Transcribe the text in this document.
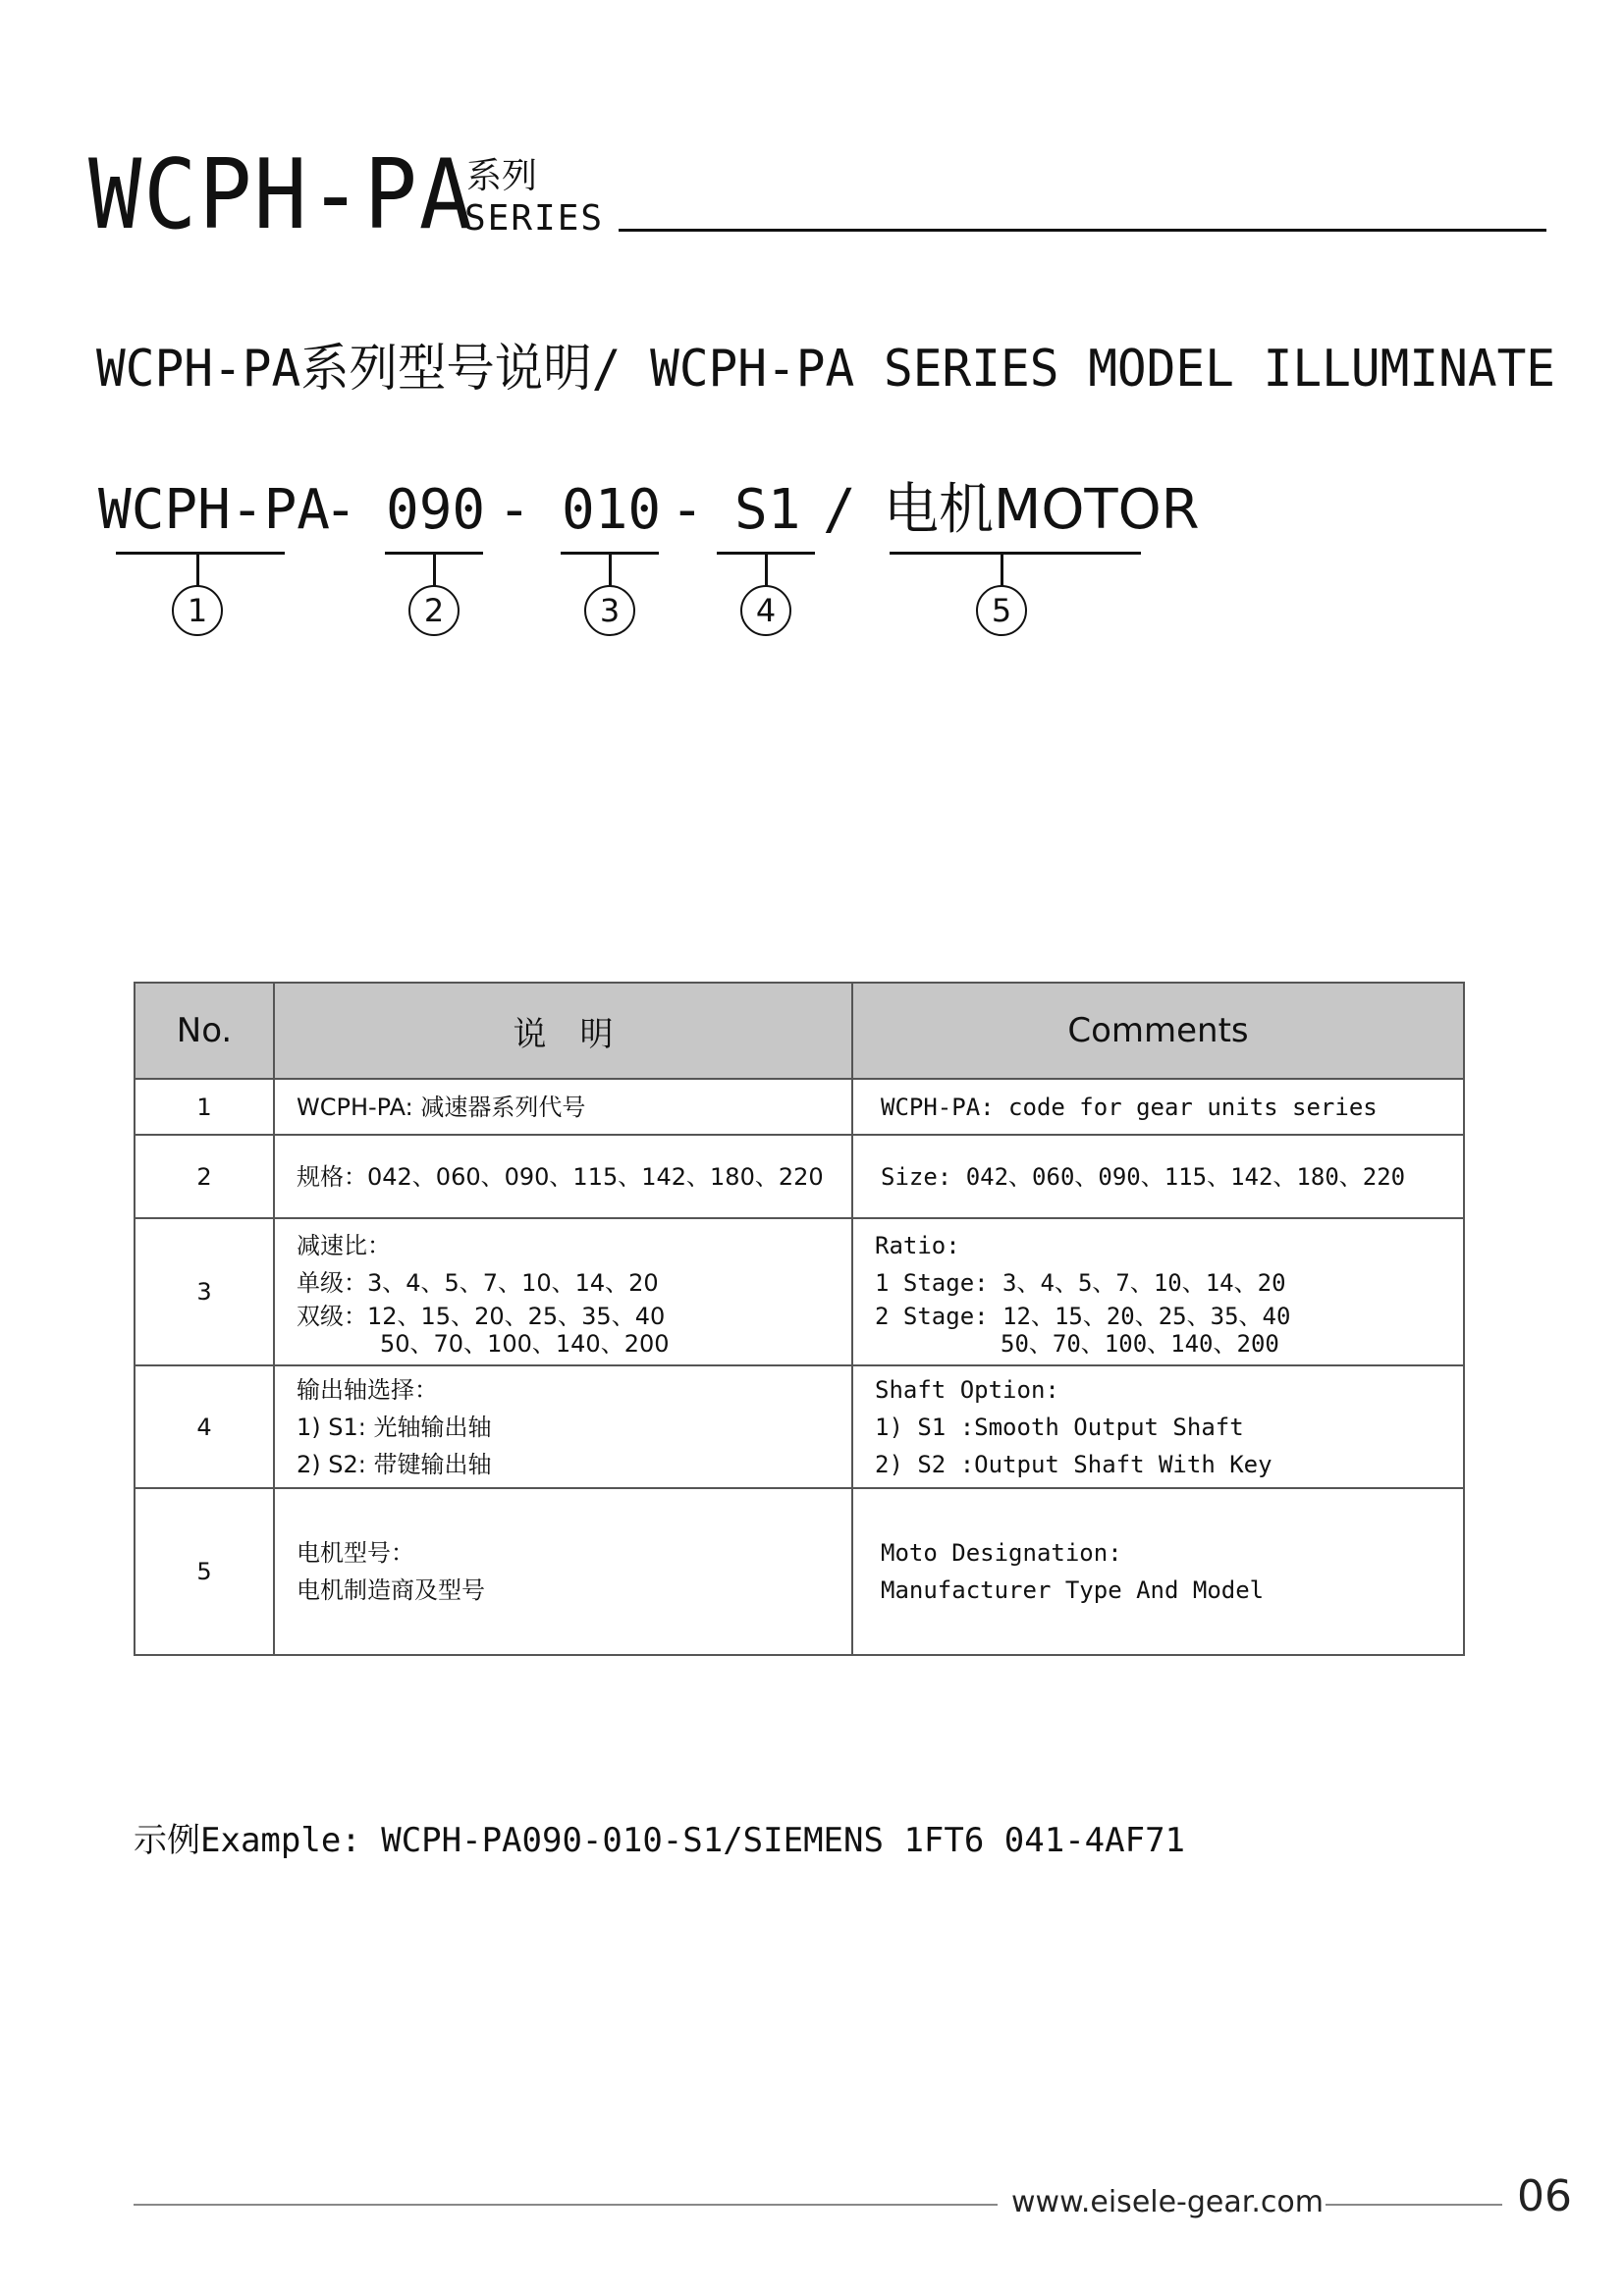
WCPH-PA
系列
SERIES
WCPH-PA系列型号说明/ WCPH-PA SERIES MODEL ILLUMINATE
WCPH-PA
- 090 - 010 - S1 / 电机MOTOR
1	2	3	4	5
No.	说　明	Comments
1	WCPH-PA: 减速器系列代号	WCPH-PA: code for gear units series

2	规格：042、060、090、115、142、180、220	Size: 042、060、090、115、142、180、220

3	减速比：
单级：3、4、5、7、10、14、20
双级：12、15、20、25、35、40
50、70、100、140、200	Ratio:
1 Stage: 3、4、5、7、10、14、20
2 Stage: 12、15、20、25、35、40
50、70、100、140、200

4	输出轴选择：
1) S1: 光轴输出轴
2) S2: 带键输出轴	Shaft Option:
1) S1 :Smooth Output Shaft
2) S2 :Output Shaft With Key

5	电机型号：
电机制造商及型号	Moto Designation:
Manufacturer Type And Model
示例Example: WCPH-PA090-010-S1/SIEMENS 1FT6 041-4AF71
www.eisele-gear.com	06
